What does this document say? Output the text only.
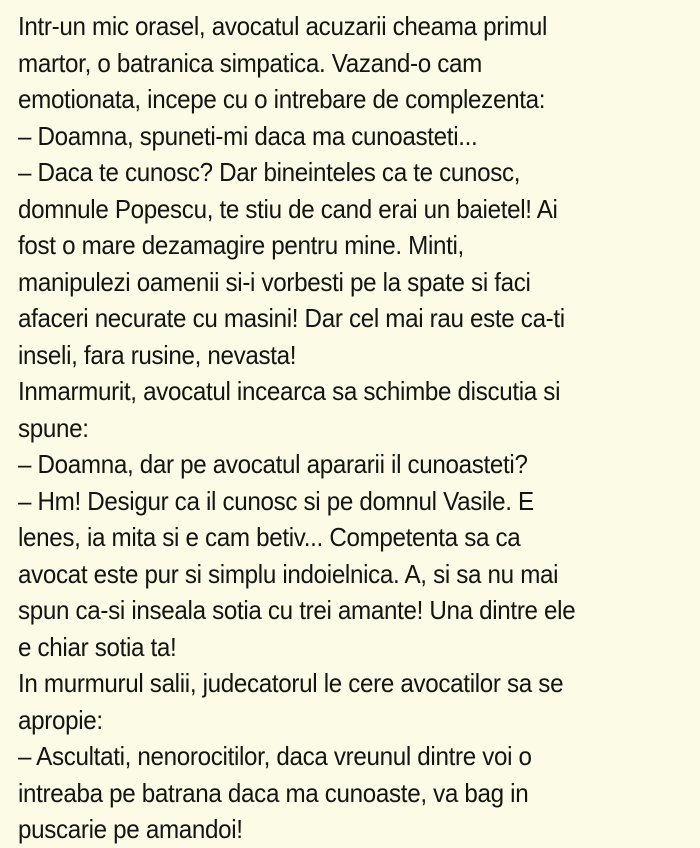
Intr-un mic orasel, avocatul acuzarii cheama primul
martor, o batranica simpatica. Vazand-o cam
emotionata, incepe cu o intrebare de complezenta:
– Doamna, spuneti-mi daca ma cunoasteti...
– Daca te cunosc? Dar bineinteles ca te cunosc,
domnule Popescu, te stiu de cand erai un baietel! Ai
fost o mare dezamagire pentru mine. Minti,
manipulezi oamenii si-i vorbesti pe la spate si faci
afaceri necurate cu masini! Dar cel mai rau este ca-ti
inseli, fara rusine, nevasta!
Inmarmurit, avocatul incearca sa schimbe discutia si
spune:
– Doamna, dar pe avocatul apararii il cunoasteti?
– Hm! Desigur ca il cunosc si pe domnul Vasile. E
lenes, ia mita si e cam betiv... Competenta sa ca
avocat este pur si simplu indoielnica. A, si sa nu mai
spun ca-si inseala sotia cu trei amante! Una dintre ele
e chiar sotia ta!
In murmurul salii, judecatorul le cere avocatilor sa se
apropie:
– Ascultati, nenorocitilor, daca vreunul dintre voi o
intreaba pe batrana daca ma cunoaste, va bag in
puscarie pe amandoi!
